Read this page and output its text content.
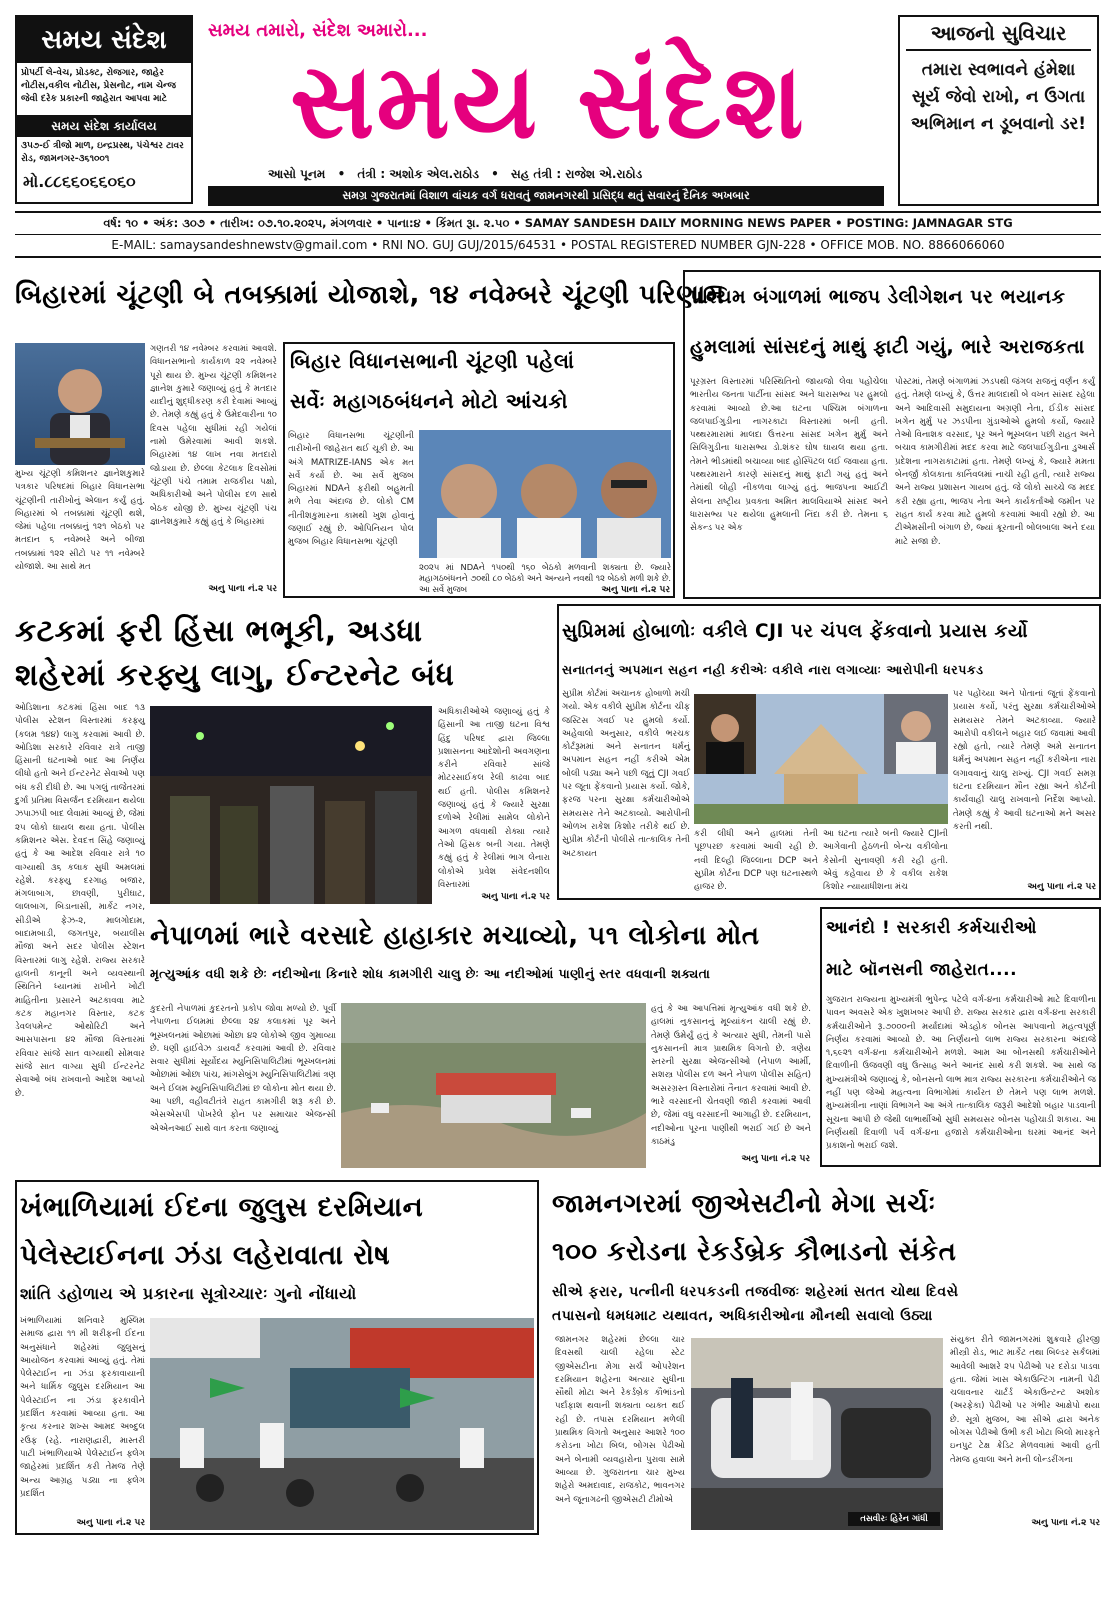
સમય સંદેશ
પ્રોપર્ટી લે-વેચ, પ્રોડક્ટ, રોજગાર, જાહેર નોટીસ,વકીલ નોટીસ, પ્રેસનોટ, નામ ચેન્જ જેવી દરેક પ્રકારની જાહેરાત આપવા માટે
સમય સંદેશ કાર્યાલય
૩૫૭-ઈ ત્રીજો માળ, ઇન્દ્રપ્રસ્થ, પંચેશ્વર ટાવર રોડ, જામનગર-૩૬૧૦૦૧
મો.૮૮૬૬૦૬૬૦૬૦
સમય તમારો, સંદેશ અમારો...
સમય સંદેશ
આસો પૂનમ • તંત્રી : અશોક એલ.રાઠોડ • સહ તંત્રી : રાજેશ એ.રાઠોડ
સમગ્ર ગુજરાતમાં વિશાળ વાંચક વર્ગ ધરાવતું જામનગરથી પ્રસિદ્ધ થતું સવારનું દૈનિક અખબાર
આજનો સુવિચાર
તમારા સ્વભાવને હંમેશા સૂર્ય જેવો રાખો, ન ઉગતા અભિમાન ન ડૂબવાનો ડર!
વર્ષ: ૧૦ • અંક: ૩૦૭ • તારીખ: ૦૭.૧૦.૨૦૨૫, મંગળવાર • પાના:૪ • કિંમત રૂા. ૨.૫૦ • SAMAY SANDESH DAILY MORNING NEWS PAPER • POSTING: JAMNAGAR STG
E-MAIL: samaysandeshnewstv@gmail.com • RNI NO. GUJ GUJ/2015/64531 • POSTAL REGISTERED NUMBER GJN-228 • OFFICE MOB. NO. 8866066060
બિહારમાં ચૂંટણી બે તબક્કામાં યોજાશે, ૧૪ નવેમ્બરે ચૂંટણી પરિણામ
મુખ્ય ચૂંટણી કમિશનર જ્ઞાનેશકુમારે પત્રકાર પરિષદમાં બિહાર વિધાનસભા ચૂંટણીની તારીખોનું એલાન કર્યું હતું. બિહારમાં બે તબક્કામાં ચૂંટણી થશે, જેમાં પહેલા તબક્કાનું ૧૨૧ બેઠકો પર મતદાન ૬ નવેમ્બરે અને બીજા તબક્કામાં ૧૨૨ સીટો પર ૧૧ નવેમ્બરે યોજાશે. આ સાથે મત
ગણતરી ૧૪ નવેમ્બર કરવામાં આવશે. વિધાનસભાનો કાર્યકાળ ૨૨ નવેમ્બરે પૂરો થાય છે. મુખ્ય ચૂંટણી કમિશનર જ્ઞાનેશ કુમારે જણાવ્યું હતું કે મતદાર યાદીનું શુદ્ધીકરણ કરી દેવામાં આવ્યું છે. તેમણે કહ્યું હતું કે ઉમેદવારીના ૧૦ દિવસ પહેલા સુધીમાં રહી ગયેલાં નામો ઉમેરવામાં આવી શકશે. બિહારમાં ૧૪ લાખ નવા મતદારો જોડાયા છે. છેલ્લા કેટલાક દિવસોમાં ચૂંટણી પંચે તમામ રાજકીય પક્ષો, અધિકારીઓ અને પોલીસ દળ સાથે બેઠક યોજી છે. મુખ્ય ચૂંટણી પંચ જ્ઞાનેશકુમારે કહ્યું હતું કે બિહારમાં
અનુ પાના નં.૨ પર
બિહાર વિધાનસભાની ચૂંટણી પહેલાં
સર્વેઃ મહાગઠબંધનને મોટો આંચકો
બિહાર વિધાનસભા ચૂંટણીની તારીખોની જાહેરાત થઈ ચૂકી છે. આ અંગે MATRIZE-IANS એક મત સર્વે કર્યો છે. આ સર્વે મુજબ બિહારમાં NDAને ફરીથી બહુમતી મળે તેવા અંદાજ છે. લોકો CM નીતીશકુમારના કામથી ખુશ હોવાનું જણાઈ રહ્યું છે. ઓપિનિયન પોલ મુજબ બિહાર વિધાનસભા ચૂંટણી
૨૦૨૫ માં NDAને ૧૫૦થી ૧૬૦ બેઠકો મળવાની શક્યતા છે. જ્યારે મહાગઠબંધનને ૭૦થી ૮૦ બેઠકો અને અન્યને નવથી ૧૨ બેઠકો મળી શકે છે. આ સર્વે મુજબ	અનુ પાના નં.૨ પર
પશ્ચિમ બંગાળમાં ભાજપ ડેલીગેશન પર ભયાનક
હુમલામાં સાંસદનું માથું ફાટી ગયું, ભારે અરાજકતા
પૂરગ્રસ્ત વિસ્તારમાં પરિસ્થિતિનો જાયજો લેવા પહોંચેલા ભારતીય જનતા પાર્ટીના સાંસદ અને ધારાસભ્ય પર હુમલો કરવામાં આવ્યો છે.આ ઘટના પશ્ચિમ બંગાળના જલપાઈગુડીના નાગરકાટા વિસ્તારમાં બની હતી. પથ્થરમારામાં માલદા ઉત્તરના સાંસદ ખગેન મુર્મુ અને સિલિગુડીના ધારાસભ્ય ડો.શંકર ઘોષ ઘાયલ થયા હતા. તેમને ભીડમાંથી બચાવ્યા બાદ હોસ્પિટલ લઈ જવાયા હતા. પથ્થરમારાને કારણે સાંસદનું માથું ફાટી ગયું હતું અને તેમાંથી લોહી નીકળવા લાગ્યું હતું. ભાજપના આઈટી સેલના રાષ્ટ્રીય પ્રવક્તા અમિત માલવિયાએ સાંસદ અને ધારાસભ્ય પર થયેલા હુમલાની નિંદા કરી છે. તેમના ૬ સેકન્ડ પર એક
પોસ્ટમાં, તેમણે બંગાળમાં ઝડપથી જંગલ રાજનું વર્ણન કર્યું હતું. તેમણે લખ્યું કે, ઉત્તર માલદાથી બે વખત સાંસદ રહેલા અને આદિવાસી સમુદાયના અગ્રણી નેતા, ઈડીક સાંસદ ખગેન મુર્મુ પર ઝડપીના ગુંડાઓએ હુમલો કર્યો, જ્યારે તેઓ વિનાશક વરસાદ, પૂર અને ભૂસ્ખલન પછી રાહત અને બચાવ કામગીરીમાં મદદ કરવા માટે જલપાઈગુડીના ડુઆર્સ પ્રદેશના નાગરાકાટામાં હતા. તેમણે લખ્યું કે, જ્યારે મમતા બેનર્જી કોલકાતા કાર્નિવલમાં નાચી રહી હતી, ત્યારે રાજ્ય અને રાજ્ય પ્રશાસન ગાયબ હતું. જે લોકો સાચ્ચે જ મદદ કરી રહ્યા હતા, ભાજપ નેતા અને કાર્યકર્તાઓ જમીન પર રાહત કાર્ય કરવા માટે હુમલો કરવામાં આવી રહ્યો છે. આ ટીએમસીની બંગાળ છે, જ્યાં ક્રૂરતાની બોલબાલા અને દયા માટે સજા છે.
કટકમાં ફરી હિંસા ભભૂકી, અડધા
શહેરમાં કરફ્યુ લાગુ, ઈન્ટરનેટ બંધ
ઓડિશાના કટકમાં હિંસા બાદ ૧૩ પોલીસ સ્ટેશન વિસ્તારમાં કરફ્યુ (કલમ ૧૪૪) લાગુ કરવામાં આવી છે. ઓડિશા સરકારે રવિવાર રાત્રે તાજી હિંસાની ઘટનાઓ બાદ આ નિર્ણય લીધો હતો અને ઈન્ટરનેટ સેવાઓ પણ બંધ કરી દીધી છે. આ પગલું તાજેતરમાં દુર્ગા પ્રતિમા વિસર્જન દરમિયાન થયેલા ઝપાઝપી બાદ લેવામાં આવ્યું છે, જેમાં ૨૫ લોકો ઘાયલ થયા હતા. પોલીસ કમિશનર એસ. દેવદત્ત સિંહે જણાવ્યું હતું કે આ આદેશ રવિવાર રાત્રે ૧૦ વાગ્યાથી ૩૬ કલાક સુધી અમલમાં રહેશે. કરફ્યુ દરગાહ બજાર, મંગલાબાગ, છાવણી, પુરીઘાટ, લાલબાગ, બિડાનાસી, માર્કેટ નગર, સીડીએ ફેઝ-૨, માલગોદામ, બાદામબાડી, જગતપુર, બયાલીસ મૌજા અને સદર પોલીસ સ્ટેશન વિસ્તારમાં લાગુ રહેશે. રાજ્ય સરકારે હાલની કાનૂની અને વ્યવસ્થાની સ્થિતિને ધ્યાનમાં રાખીને ખોટી માહિતીના પ્રસારને અટકાવવા માટે કટક મહાનગર વિસ્તાર, કટક ડેવલપમેન્ટ ઓથોરિટી અને આસપાસના ૪૨ મૌજા વિસ્તારમાં રવિવાર સાંજે સાત વાગ્યાથી સોમવાર સાંજે સાત વાગ્યા સુધી ઈન્ટરનેટ સેવાઓ બંધ રાખવાનો આદેશ આપ્યો છે.
અધિકારીઓએ જણાવ્યું હતું કે હિંસાની આ તાજી ઘટના વિશ્વ હિંદુ પરિષદ દ્વારા જિલ્લા પ્રશાસનના આદેશોની અવગણના કરીને રવિવારે સાંજે મોટરસાઈકલ રેલી કાઢવા બાદ થઈ હતી. પોલીસ કમિશનરે જણાવ્યું હતું કે જ્યારે સુરક્ષા દળોએ રેલીમાં સામેલ લોકોને આગળ વધવાથી રોક્યા ત્યારે તેઓ હિંસક બની ગયા. તેમણે કહ્યું હતું કે રેલીમાં ભાગ લેનારા લોકોએ પ્રવેશ સંવેદનશીલ વિસ્તારમાં
અનુ પાના નં.૨ પર
સુપ્રિમમાં હોબાળોઃ વકીલે CJI પર ચંપલ ફેંકવાનો પ્રયાસ કર્યો
સનાતનનું અપમાન સહન નહી કરીએઃ વકીલે નારા લગાવ્યાઃ આરોપીની ધરપકડ
સુપ્રીમ કોર્ટમાં અચાનક હોબાળો મચી ગયો. એક વકીલે સુપ્રીમ કોર્ટના ચીફ જસ્ટિસ ગવઈ પર હુમલો કર્યો. અહેવાલો અનુસાર, વકીલે ભરચક કોર્ટરૂમમાં અને સનાતન ધર્મનું અપમાન સહન નહીં કરીએ એમ બોલી પડ્યા અને પછી જૂતું CJI ગવઈ પર જૂતા ફેંકવાનો પ્રયાસ કર્યો. જોકે, ફરજ પરના સુરક્ષા કર્મચારીઓએ સમયસર તેને અટકાવ્યો. આરોપીની ઓળખ રાકેશ કિશોર તરીકે થઈ છે. સુપ્રીમ કોર્ટની પોલીસે તાત્કાલિક તેની અટકાયત
કરી લીધી અને હાલમાં તેની પૂછપરછ કરવામાં આવી રહી છે. નવી દિલ્હી જિલ્લાના DCP અને સુપ્રીમ કોર્ટના DCP પણ ઘટનાસ્થળે હાજર છે.
આ ઘટના ત્યારે બની જ્યારે CJIની આગેવાની હેઠળની બેન્ચ વકીલોના કેસોની સુનાવણી કરી રહી હતી. એવું કહેવાય છે કે વકીલ રાકેશ કિશોર ન્યાયાધીશના મંચ
પર પહોંચ્યા અને પોતાનાં જૂતાં ફેંકવાનો પ્રયાસ કર્યો, પરંતુ સુરક્ષા કર્મચારીઓએ સમયસર તેમને અટકાવ્યા. જ્યારે આરોપી વકીલને બહાર લઈ જવામાં આવી રહ્યો હતો, ત્યારે તેમણે અમે સનાતન ધર્મનું અપમાન સહન નહીં કરીએના નારા લગાવવાનું ચાલુ રાખ્યું. CJI ગવઈ સમગ્ર ઘટના દરમિયાન મૌન રહ્યા અને કોર્ટની કાર્યવાહી ચાલુ રાખવાનો નિર્દેશ આપ્યો. તેમણે કહ્યું કે આવી ઘટનાઓ મને અસર કરતી નથી.
અનુ પાના નં.૨ પર
નેપાળમાં ભારે વરસાદે હાહાકાર મચાવ્યો, ૫૧ લોકોના મોત
મૃત્યુઆંક વધી શકે છેઃ નદીઓના કિનારે શોધ કામગીરી ચાલુ છેઃ આ નદીઓમાં પાણીનું સ્તર વધવાની શક્યતા
કુદરતી નેપાળમાં કુદરતનો પ્રકોપ જોવા મળ્યો છે. પૂર્વી નેપાળના ઈલમમાં છેલ્લા ૨૪ કલાકમાં પૂર અને ભૂસ્ખલનમાં ઓછામાં ઓછા ૪૨ લોકોએ જીવ ગુમાવ્યા છે. ધણી હાઈવેઝ ડાયવર્ટ કરવામાં આવી છે. રવિવાર સવાર સુધીમાં સૂર્યોદય મ્યુનિસિપાલિટીમાં ભૂસ્ખલનમાં ઓછામાં ઓછા પાંચ, માંગસેબુંગ મ્યુનિસિપાલિટીમાં ત્રણ અને ઈલમ મ્યુનિસિપાલિટીમાં છ લોકોના મોત થયા છે. આ પછી, વહીવટીતંત્રે રાહત કામગીરી શરૂ કરી છે. એસએસપી પોખરેલે ફોન પર સમાચાર એજન્સી એએનઆઈ સાથે વાત કરતા જણાવ્યું
હતું કે આ આપત્તિમાં મૃત્યુઆંક વધી શકે છે. હાલમાં નુકસાનનું મૂલ્યાંકન ચાલી રહ્યું છે. તેમણે ઉમેર્યું હતું કે અત્યાર સુધી, તેમની પાસે નુકસાનની માત્ર પ્રાથમિક વિગતો છે. ત્રણેય સ્તરની સુરક્ષા એજન્સીઓ (નેપાળ આર્મી, સશસ્ત્ર પોલીસ દળ અને નેપાળ પોલીસ સહિત) અસરગ્રસ્ત વિસ્તારોમાં તૈનાત કરવામાં આવી છે. ભારે વરસાદની ચેતવણી જારી કરવામાં આવી છે, જેમાં વધુ વરસાદની આગાહી છે. દરમિયાન, નદીઓના પૂરના પાણીથી ભરાઈ ગઈ છે અને કાઠમંડુ
અનુ પાના નં.૨ પર
આનંદો ! સરકારી કર્મચારીઓ
માટે બૉનસની જાહેરાત....
ગુજરાત રાજ્યના મુખ્યમંત્રી ભુપેન્દ્ર પટેલે વર્ગ-૪ના કર્મચારીઓ માટે દિવાળીના પાવન અવસરે એક ખુશખબર આપી છે. રાજ્ય સરકાર દ્વારા વર્ગ-૪ના સરકારી કર્મચારીઓને રૂ.૭૦૦૦ની મર્યાદામાં એડહોક બોનસ આપવાનો મહત્વપૂર્ણ નિર્ણય કરવામાં આવ્યો છે. આ નિર્ણયનો લાભ રાજ્ય સરકારના અંદાજે ૧,૬૯૨૧ વર્ગ-૪ના કર્મચારીઓને મળશે. આમ આ બોનસથી કર્મચારીઓને દિવાળીની ઉજવણી વધુ ઉત્સાહ અને આનંદ સાથે કરી શકશે. આ સાથે જ મુખ્યમંત્રીએ જણાવ્યું કે, બોનસનો લાભ માત્ર રાજ્ય સરકારના કર્મચારીઓને જ નહીં પણ જેઓ મહત્વના વિભાગોમાં કાર્યરત છે તેમને પણ લાભ મળશે. મુખ્યમંત્રીના નાણાં વિભાગને આ અંગે તાત્કાલિક જરૂરી આદેશો બહાર પાડવાની સૂચના આપી છે જેથી લાભાર્થીઓ સુધી સમયસર બોનસ પહોંચાડી શકાય. આ નિર્ણયથી દિવાળી પર્વે વર્ગ-૪ના હજારો કર્મચારીઓના ઘરમાં આનંદ અને પ્રકાશનો ભરાઈ જશે.
ખંભાળિયામાં ઈદના જુલુસ દરમિયાન
પેલેસ્ટાઈનના ઝંડા લહેરાવાતા રોષ
શાંતિ ડહોળાય એ પ્રકારના સૂત્રોચ્ચારઃ ગુનો નોંધાયો
ખંભાળિયામાં શનિવારે મુસ્લિમ સમાજ દ્વારા ૧૧ મી શરીફની ઈદના અનુસંધાને શહેરમાં જુલુસનું આયોજન કરવામાં આવ્યું હતું. તેમાં પેલેસ્ટાઈન ના ઝંડા ફરકાવાયાની અને ધાર્મિક જુલુસ દરમિયાન આ પેલેસ્ટાઈન ના ઝંડા ફરકાવીને પ્રદર્શિત કરવામાં આવ્યા હતા. આ કૃત્ય કરનાર શખ્સ આમદ અબ્દુલ રઉફ (રહે. નારાણદ્વારી, માસ્તરી પાટી ખંભાળિયાએ પેલેસ્ટાઈન ફ્લેગ જાહેરમાં પ્રદર્શિત કરી તેમજ તેણે અન્ય આગ્રહ પડ્યા ના ફ્લેગ પ્રદર્શિત
અનુ પાના નં.૨ પર
જામનગરમાં જીએસટીનો મેગા સર્ચઃ
૧૦૦ કરોડના રેકર્ડબ્રેક કૌભાડનો સંકેત
સીએ ફરાર, પત્નીની ધરપકડની તજવીજઃ શહેરમાં સતત ચોથા દિવસે
તપાસનો ધમધમાટ યથાવત, અધિકારીઓના મૌનથી સવાલો ઉઠ્યા
જામનગર શહેરમાં છેલ્લા ચાર દિવસથી ચાલી રહેલા સ્ટેટ જીએસટીના મેગા સર્ચ ઓપરેશન દરમિયાન શહેરના અત્યાર સુધીના સૌથી મોટા અને રેકર્ડબ્રેક કૌભાંડનો પર્દાફાશ થવાની શક્યતા વ્યક્ત થઈ રહી છે. તપાસ દરમિયાન મળેલી પ્રાથમિક વિગતો અનુસાર આશરે ૧૦૦ કરોડના ખોટા બિલ, બોગસ પેઢીઓ અને બેનામી વ્યવહારોના પુરાવા સામે આવ્યા છે. ગુજરાતના ચાર મુખ્ય શહેરો અમદાવાદ, રાજકોટ, ભાવનગર અને જૂનાગઢની જીએસટી ટીમોએ
તસવીરઃ હિરેન ગાંધી
સંયુક્ત રીતે જામનગરમાં શુક્રવારે હીરજી મીસ્ત્રી રોડ, ભાટ માર્કેટ તથા બિલ્ડર સર્કલમાં આવેલી આશરે ૨૫ પેઢીઓ પર દરોડા પાડવા હતા. જેમાં ખાસ એકાઉન્ટિંગ નામની પેઢી ચલાવનાર ચાર્ટર્ડ એકાઉન્ટન્ટ અશોક (અરફેકા) પેઢીઓ પર ગંભીર આક્ષેપો થયા છે. સૂત્રો મુજબ, આ સીએ દ્વારા અનેક બોગસ પેઢીઓ ઉભી કરી ખોટા બિલો મારફતે ઇનપુટ ટેક્ષ ક્રેડિટ મેળવવામાં આવી હતી તેમજ હવાલા અને મની લોન્ડરીંગના
અનુ પાના નં.૨ પર
